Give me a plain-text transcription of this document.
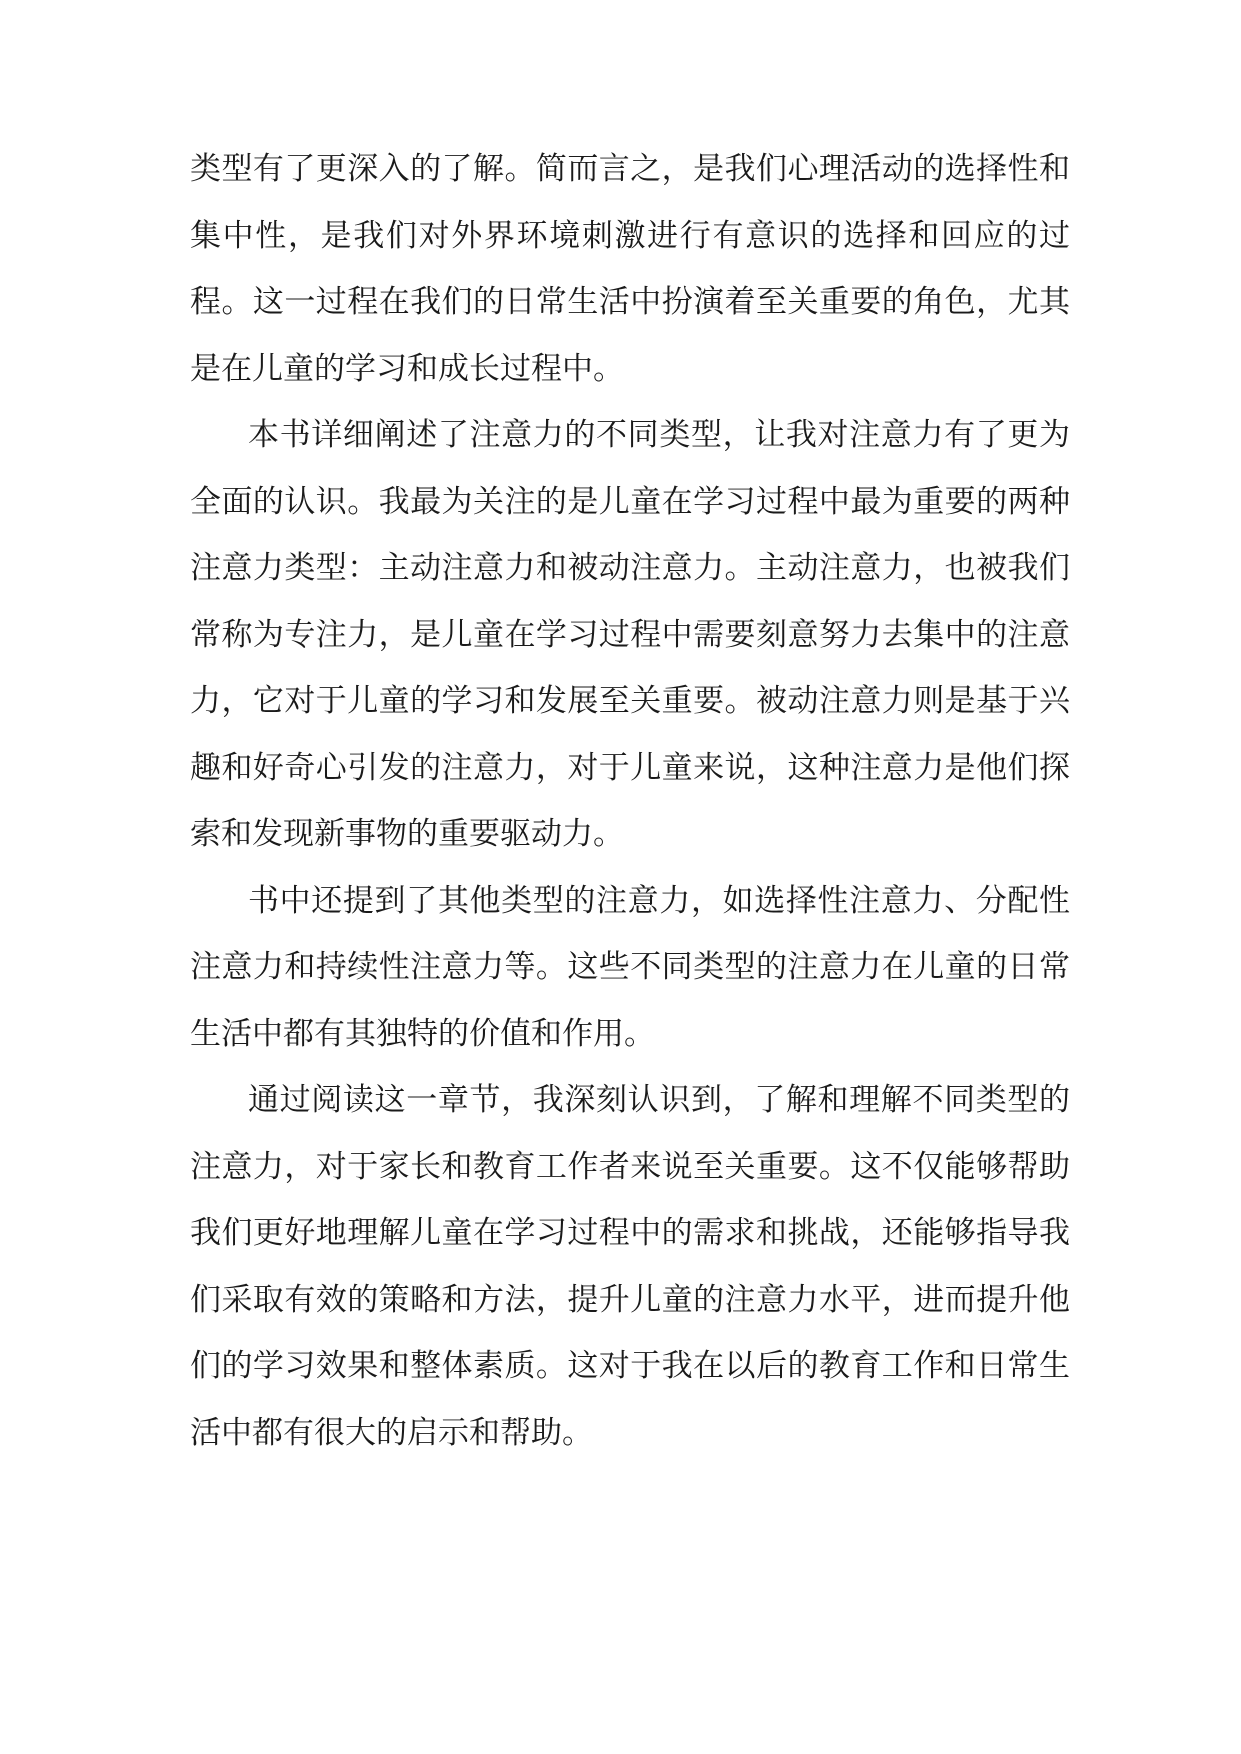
类型有了更深入的了解。简而言之，是我们心理活动的选择性和集中性，是我们对外界环境刺激进行有意识的选择和回应的过程。这一过程在我们的日常生活中扮演着至关重要的角色，尤其是在儿童的学习和成长过程中。

本书详细阐述了注意力的不同类型，让我对注意力有了更为全面的认识。我最为关注的是儿童在学习过程中最为重要的两种注意力类型：主动注意力和被动注意力。主动注意力，也被我们常称为专注力，是儿童在学习过程中需要刻意努力去集中的注意力，它对于儿童的学习和发展至关重要。被动注意力则是基于兴趣和好奇心引发的注意力，对于儿童来说，这种注意力是他们探索和发现新事物的重要驱动力。

书中还提到了其他类型的注意力，如选择性注意力、分配性注意力和持续性注意力等。这些不同类型的注意力在儿童的日常生活中都有其独特的价值和作用。

通过阅读这一章节，我深刻认识到，了解和理解不同类型的注意力，对于家长和教育工作者来说至关重要。这不仅能够帮助我们更好地理解儿童在学习过程中的需求和挑战，还能够指导我们采取有效的策略和方法，提升儿童的注意力水平，进而提升他们的学习效果和整体素质。这对于我在以后的教育工作和日常生活中都有很大的启示和帮助。
